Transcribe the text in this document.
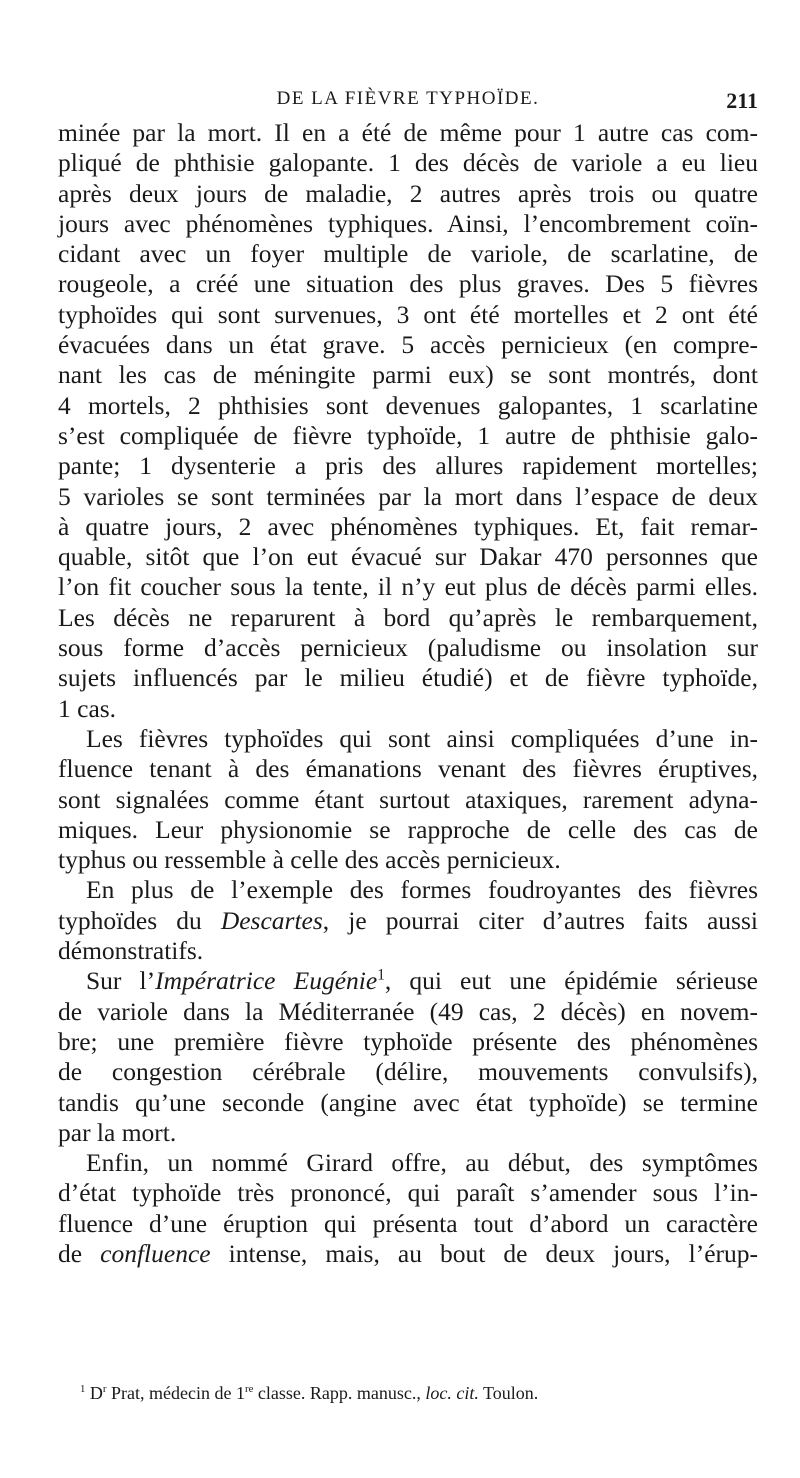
DE LA FIÈVRE TYPHOÏDE.	211
minée par la mort. Il en a été de même pour 1 autre cas com-
pliqué de phthisie galopante. 1 des décès de variole a eu lieu
après deux jours de maladie, 2 autres après trois ou quatre
jours avec phénomènes typhiques. Ainsi, l’encombrement coïn-
cidant avec un foyer multiple de variole, de scarlatine, de
rougeole, a créé une situation des plus graves. Des 5 fièvres
typhoïdes qui sont survenues, 3 ont été mortelles et 2 ont été
évacuées dans un état grave. 5 accès pernicieux (en compre-
nant les cas de méningite parmi eux) se sont montrés, dont
4 mortels, 2 phthisies sont devenues galopantes, 1 scarlatine
s’est compliquée de fièvre typhoïde, 1 autre de phthisie galo-
pante; 1 dysenterie a pris des allures rapidement mortelles;
5 varioles se sont terminées par la mort dans l’espace de deux
à quatre jours, 2 avec phénomènes typhiques. Et, fait remar-
quable, sitôt que l’on eut évacué sur Dakar 470 personnes que
l’on fit coucher sous la tente, il n’y eut plus de décès parmi elles.
Les décès ne reparurent à bord qu’après le rembarquement,
sous forme d’accès pernicieux (paludisme ou insolation sur
sujets influencés par le milieu étudié) et de fièvre typhoïde,
1 cas.
Les fièvres typhoïdes qui sont ainsi compliquées d’une in-
fluence tenant à des émanations venant des fièvres éruptives,
sont signalées comme étant surtout ataxiques, rarement adyna-
miques. Leur physionomie se rapproche de celle des cas de
typhus ou ressemble à celle des accès pernicieux.
En plus de l’exemple des formes foudroyantes des fièvres
typhoïdes du Descartes, je pourrai citer d’autres faits aussi
démonstratifs.
Sur l’Impératrice Eugénie$^1$, qui eut une épidémie sérieuse
de variole dans la Méditerranée (49 cas, 2 décès) en novem-
bre; une première fièvre typhoïde présente des phénomènes
de congestion cérébrale (délire, mouvements convulsifs),
tandis qu’une seconde (angine avec état typhoïde) se termine
par la mort.
Enfin, un nommé Girard offre, au début, des symptômes
d’état typhoïde très prononcé, qui paraît s’amender sous l’in-
fluence d’une éruption qui présenta tout d’abord un caractère
de confluence intense, mais, au bout de deux jours, l’érup-
$^1$ $D^r$ Prat, médecin de 1re classe. Rapp. manusc., loc. cit. Toulon.
